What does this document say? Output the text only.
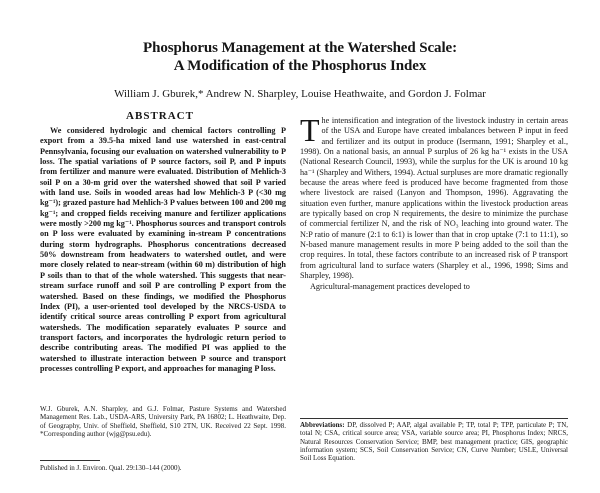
Phosphorus Management at the Watershed Scale:
A Modification of the Phosphorus Index
William J. Gburek,* Andrew N. Sharpley, Louise Heathwaite, and Gordon J. Folmar
ABSTRACT

We considered hydrologic and chemical factors controlling P export from a 39.5-ha mixed land use watershed in east-central Pennsylvania, focusing our evaluation on watershed vulnerability to P loss. The spatial variations of P source factors, soil P, and P inputs from fertilizer and manure were evaluated. Distribution of Mehlich-3 soil P on a 30-m grid over the watershed showed that soil P varied with land use. Soils in wooded areas had low Mehlich-3 P (<30 mg kg⁻¹); grazed pasture had Mehlich-3 P values between 100 and 200 mg kg⁻¹; and cropped fields receiving manure and fertilizer applications were mostly >200 mg kg⁻¹. Phosphorus sources and transport controls on P loss were evaluated by examining in-stream P concentrations during storm hydrographs. Phosphorus concentrations decreased 50% downstream from headwaters to watershed outlet, and were more closely related to near-stream (within 60 m) distribution of high P soils than to that of the whole watershed. This suggests that near-stream surface runoff and soil P are controlling P export from the watershed. Based on these findings, we modified the Phosphorus Index (PI), a user-oriented tool developed by the NRCS-USDA to identify critical source areas controlling P export from agricultural watersheds. The modification separately evaluates P source and transport factors, and incorporates the hydrologic return period to describe contributing areas. The modified PI was applied to the watershed to illustrate interaction between P source and transport processes controlling P export, and approaches for managing P loss.

W.J. Gburek, A.N. Sharpley, and G.J. Folmar, Pasture Systems and Watershed Management Res. Lab., USDA-ARS, University Park, PA 16802; L. Heathwaite, Dep. of Geography, Univ. of Sheffield, Sheffield, S10 2TN, UK. Received 22 Sept. 1998. *Corresponding author (wjg@psu.edu).
Published in J. Environ. Qual. 29:130–144 (2000).

The intensification and integration of the livestock industry in certain areas of the USA and Europe have created imbalances between P input in feed and fertilizer and its output in produce (Isermann, 1991; Sharpley et al., 1998). On a national basis, an annual P surplus of 26 kg ha⁻¹ exists in the USA (National Research Council, 1993), while the surplus for the UK is around 10 kg ha⁻¹ (Sharpley and Withers, 1994). Actual surpluses are more dramatic regionally because the areas where feed is produced have become fragmented from those where livestock are raised (Lanyon and Thompson, 1996). Aggravating the situation even further, manure applications within the livestock production areas are typically based on crop N requirements, the desire to minimize the purchase of commercial fertilizer N, and the risk of NO₃ leaching into ground water. The N:P ratio of manure (2:1 to 6:1) is lower than that in crop uptake (7:1 to 11:1), so N-based manure management results in more P being added to the soil than the crop requires. In total, these factors contribute to an increased risk of P transport from agricultural land to surface waters (Sharpley et al., 1996, 1998; Sims and Sharpley, 1998).

Agricultural-management practices developed to

Abbreviations: DP, dissolved P; AAP, algal available P; TP, total P; TPP, particulate P; TN, total N; CSA, critical source area; VSA, variable source area; PI, Phosphorus Index; NRCS, Natural Resources Conservation Service; BMP, best management practice; GIS, geographic information system; SCS, Soil Conservation Service; CN, Curve Number; USLE, Universal Soil Loss Equation.
